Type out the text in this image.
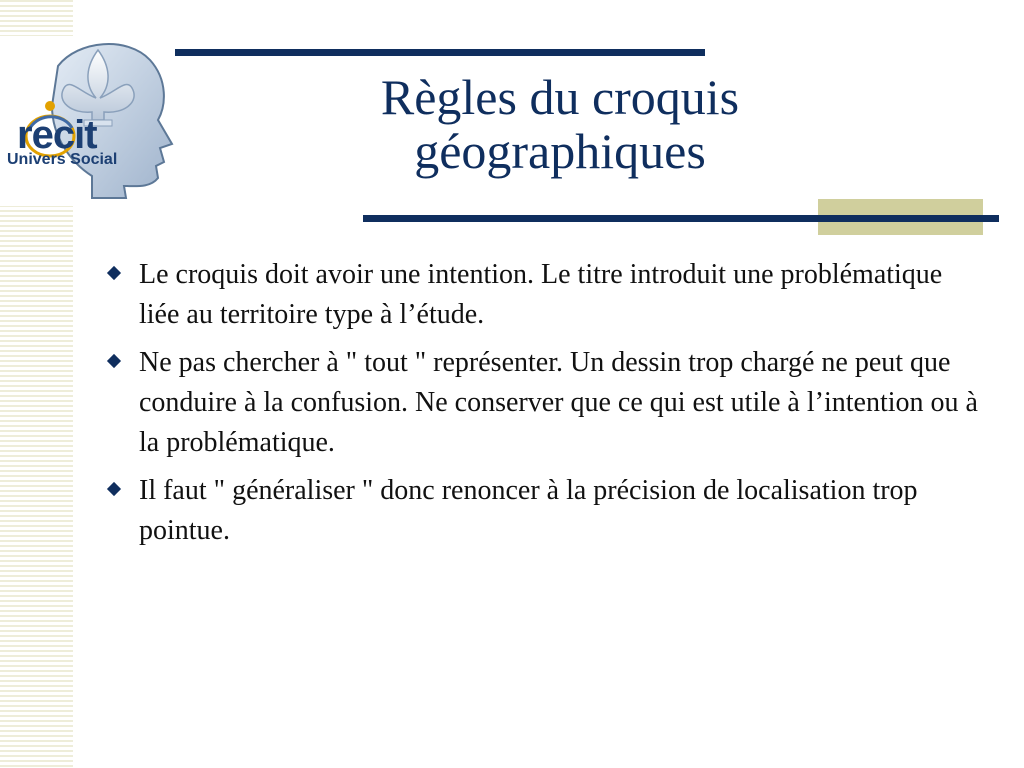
recit
Univers Social
Règles du croquis
géographiques
Le croquis doit avoir une intention. Le titre introduit une problématique liée au territoire type à l’étude.
Ne pas chercher à " tout " représenter. Un dessin trop chargé ne peut que conduire à la confusion. Ne conserver que ce qui est utile à l’intention ou à la problématique.
Il faut " généraliser " donc renoncer à la précision de localisation trop pointue.
